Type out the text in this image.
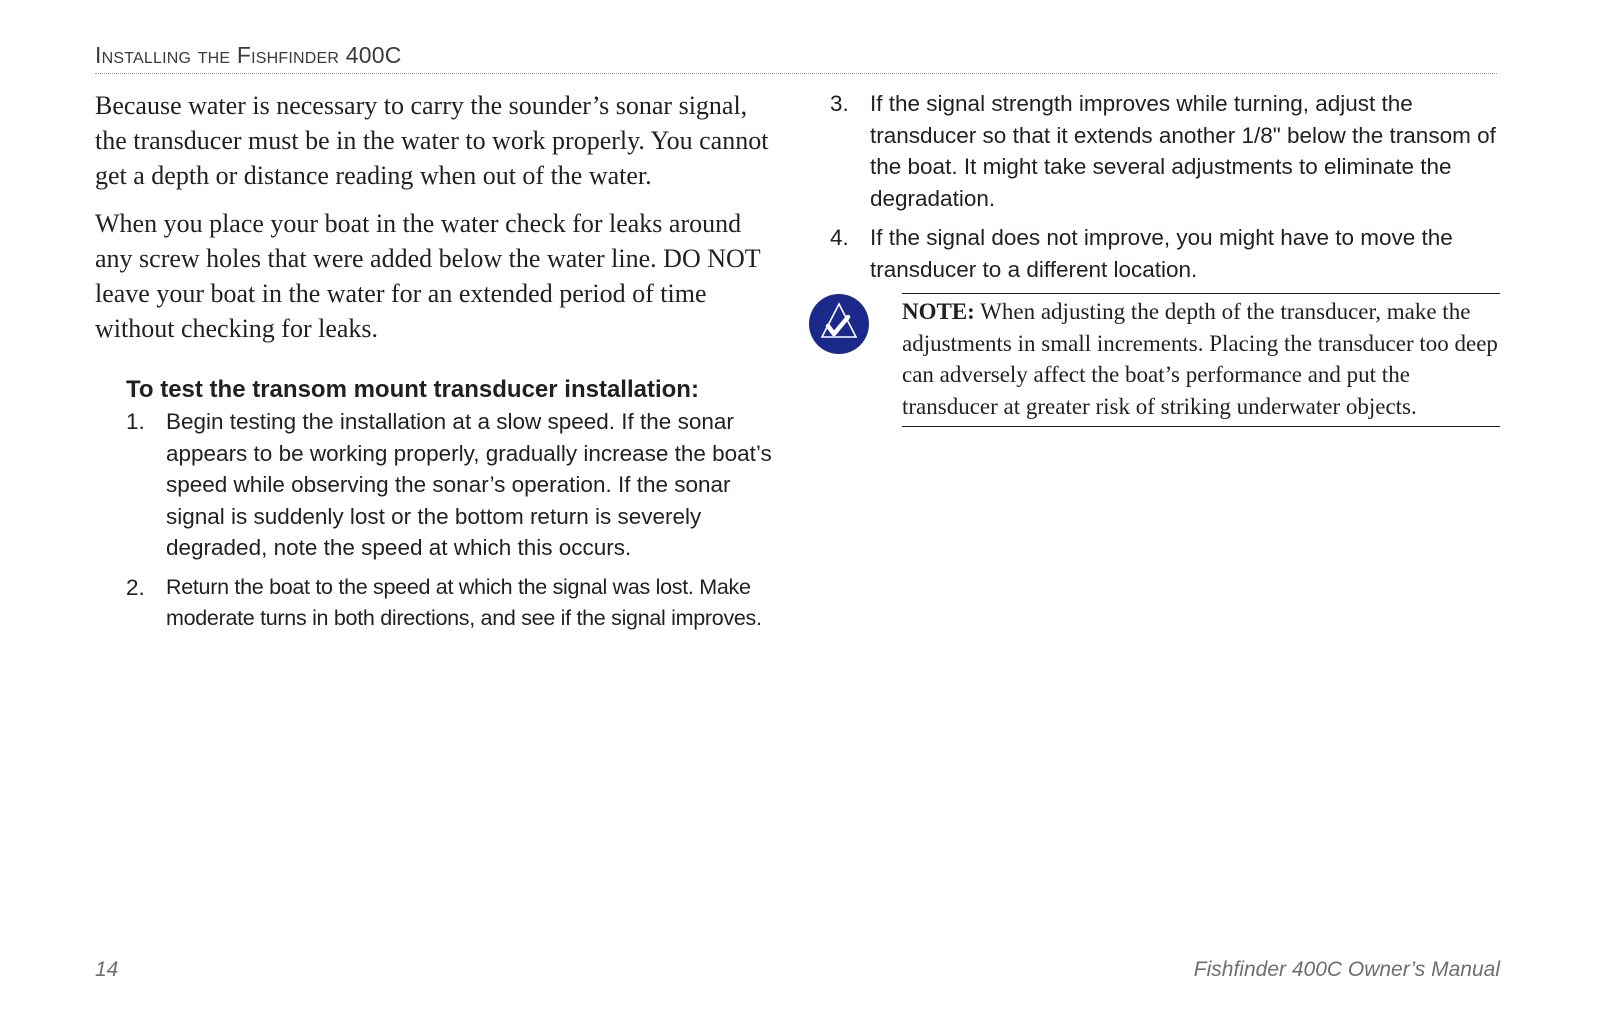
Installing the Fishfinder 400C

Because water is necessary to carry the sounder’s sonar signal, the transducer must be in the water to work properly. You cannot get a depth or distance reading when out of the water.

When you place your boat in the water check for leaks around any screw holes that were added below the water line. DO NOT leave your boat in the water for an extended period of time without checking for leaks.

To test the transom mount transducer installation:
1. Begin testing the installation at a slow speed. If the sonar appears to be working properly, gradually increase the boat’s speed while observing the sonar’s operation. If the sonar signal is suddenly lost or the bottom return is severely degraded, note the speed at which this occurs.
2. Return the boat to the speed at which the signal was lost. Make moderate turns in both directions, and see if the signal improves.
3. If the signal strength improves while turning, adjust the transducer so that it extends another 1/8" below the transom of the boat. It might take several adjustments to eliminate the degradation.
4. If the signal does not improve, you might have to move the transducer to a different location.
NOTE: When adjusting the depth of the transducer, make the adjustments in small increments. Placing the transducer too deep can adversely affect the boat’s performance and put the transducer at greater risk of striking underwater objects.
14	Fishfinder 400C Owner’s Manual
